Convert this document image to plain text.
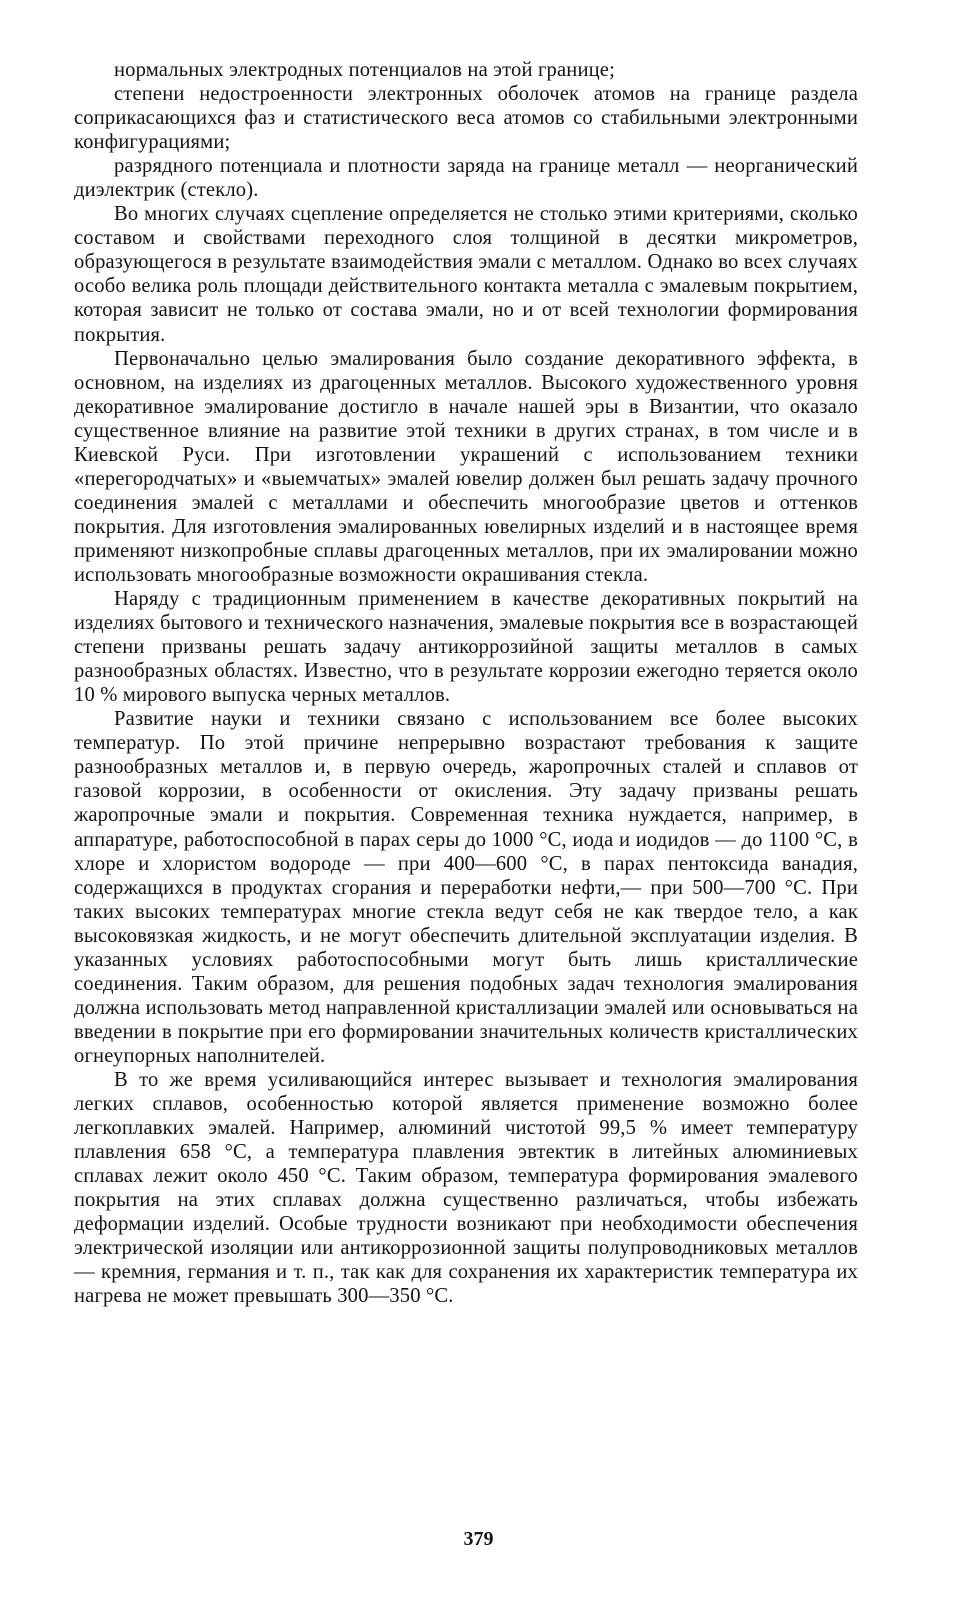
нормальных электродных потенциалов на этой границе;

степени недостроенности электронных оболочек атомов на границе раздела соприкасающихся фаз и статистического веса атомов со стабильными электронными конфигурациями;

разрядного потенциала и плотности заряда на границе металл — неорганический диэлектрик (стекло).

Во многих случаях сцепление определяется не столько этими критериями, сколько составом и свойствами переходного слоя толщиной в десятки микрометров, образующегося в результате взаимодействия эмали с металлом. Однако во всех случаях особо велика роль площади действительного контакта металла с эмалевым покрытием, которая зависит не только от состава эмали, но и от всей технологии формирования покрытия.

Первоначально целью эмалирования было создание декоративного эффекта, в основном, на изделиях из драгоценных металлов. Высокого художественного уровня декоративное эмалирование достигло в начале нашей эры в Византии, что оказало существенное влияние на развитие этой техники в других странах, в том числе и в Киевской Руси. При изготовлении украшений с использованием техники «перегородчатых» и «выемчатых» эмалей ювелир должен был решать задачу прочного соединения эмалей с металлами и обеспечить многообразие цветов и оттенков покрытия. Для изготовления эмалированных ювелирных изделий и в настоящее время применяют низкопробные сплавы драгоценных металлов, при их эмалировании можно использовать многообразные возможности окрашивания стекла.

Наряду с традиционным применением в качестве декоративных покрытий на изделиях бытового и технического назначения, эмалевые покрытия все в возрастающей степени призваны решать задачу антикоррозийной защиты металлов в самых разнообразных областях. Известно, что в результате коррозии ежегодно теряется около 10 % мирового выпуска черных металлов.

Развитие науки и техники связано с использованием все более высоких температур. По этой причине непрерывно возрастают требования к защите разнообразных металлов и, в первую очередь, жаропрочных сталей и сплавов от газовой коррозии, в особенности от окисления. Эту задачу призваны решать жаропрочные эмали и покрытия. Современная техника нуждается, например, в аппаратуре, работоспособной в парах серы до 1000 °С, иода и иодидов — до 1100 °С, в хлоре и хлористом водороде — при 400—600 °С, в парах пентоксида ванадия, содержащихся в продуктах сгорания и переработки нефти,— при 500—700 °С. При таких высоких температурах многие стекла ведут себя не как твердое тело, а как высоковязкая жидкость, и не могут обеспечить длительной эксплуатации изделия. В указанных условиях работоспособными могут быть лишь кристаллические соединения. Таким образом, для решения подобных задач технология эмалирования должна использовать метод направленной кристаллизации эмалей или основываться на введении в покрытие при его формировании значительных количеств кристаллических огнеупорных наполнителей.

В то же время усиливающийся интерес вызывает и технология эмалирования легких сплавов, особенностью которой является применение возможно более легкоплавких эмалей. Например, алюминий чистотой 99,5 % имеет температуру плавления 658 °С, а температура плавления эвтектик в литейных алюминиевых сплавах лежит около 450 °С. Таким образом, температура формирования эмалевого покрытия на этих сплавах должна существенно различаться, чтобы избежать деформации изделий. Особые трудности возникают при необходимости обеспечения электрической изоляции или антикоррозионной защиты полупроводниковых металлов — кремния, германия и т. п., так как для сохранения их характеристик температура их нагрева не может превышать 300—350 °С.

379
